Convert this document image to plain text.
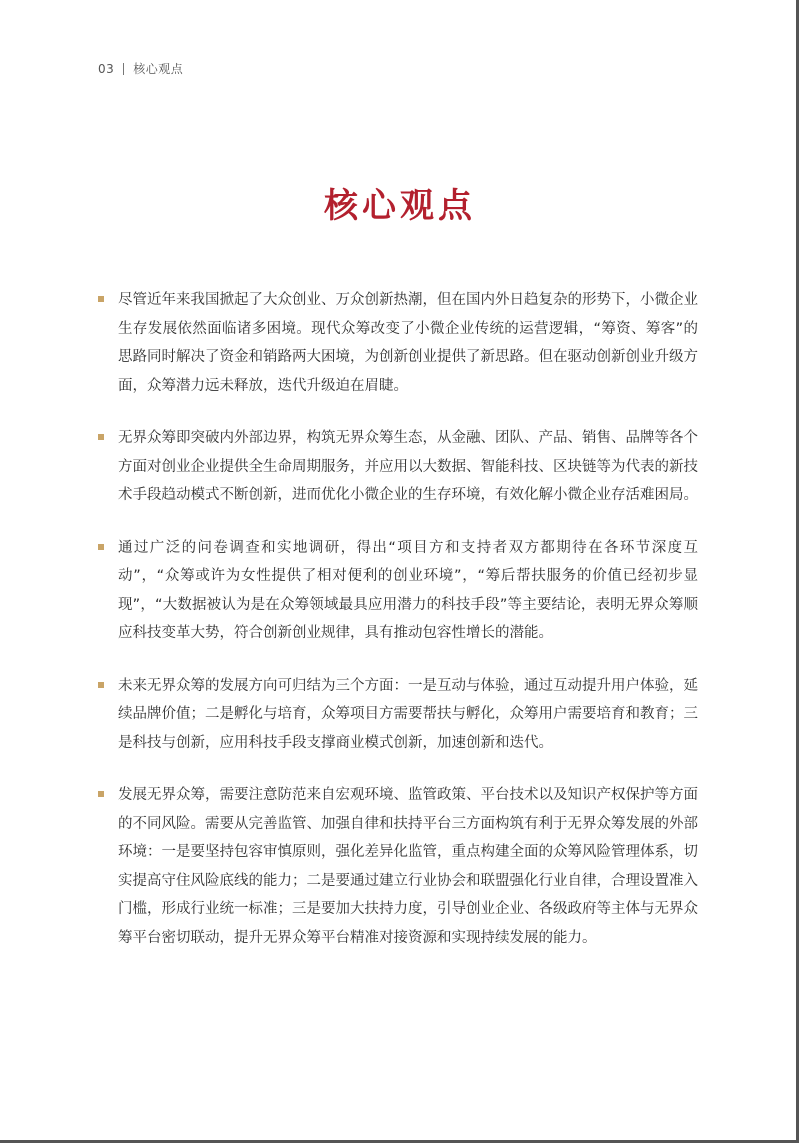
03 核心观点
核心观点
尽管近年来我国掀起了大众创业、万众创新热潮，但在国内外日趋复杂的形势下，小微企业生存发展依然面临诸多困境。现代众筹改变了小微企业传统的运营逻辑，“筹资、筹客”的思路同时解决了资金和销路两大困境，为创新创业提供了新思路。但在驱动创新创业升级方面，众筹潜力远未释放，迭代升级迫在眉睫。
无界众筹即突破内外部边界，构筑无界众筹生态，从金融、团队、产品、销售、品牌等各个方面对创业企业提供全生命周期服务，并应用以大数据、智能科技、区块链等为代表的新技术手段趋动模式不断创新，进而优化小微企业的生存环境，有效化解小微企业存活难困局。
通过广泛的问卷调查和实地调研，得出“项目方和支持者双方都期待在各环节深度互动”，“众筹或许为女性提供了相对便利的创业环境”，“筹后帮扶服务的价值已经初步显现”，“大数据被认为是在众筹领域最具应用潜力的科技手段”等主要结论，表明无界众筹顺应科技变革大势，符合创新创业规律，具有推动包容性增长的潜能。
未来无界众筹的发展方向可归结为三个方面：一是互动与体验，通过互动提升用户体验，延续品牌价值；二是孵化与培育，众筹项目方需要帮扶与孵化，众筹用户需要培育和教育；三是科技与创新，应用科技手段支撑商业模式创新，加速创新和迭代。
发展无界众筹，需要注意防范来自宏观环境、监管政策、平台技术以及知识产权保护等方面的不同风险。需要从完善监管、加强自律和扶持平台三方面构筑有利于无界众筹发展的外部环境：一是要坚持包容审慎原则，强化差异化监管，重点构建全面的众筹风险管理体系，切实提高守住风险底线的能力；二是要通过建立行业协会和联盟强化行业自律，合理设置准入门槛，形成行业统一标准；三是要加大扶持力度，引导创业企业、各级政府等主体与无界众筹平台密切联动，提升无界众筹平台精准对接资源和实现持续发展的能力。
